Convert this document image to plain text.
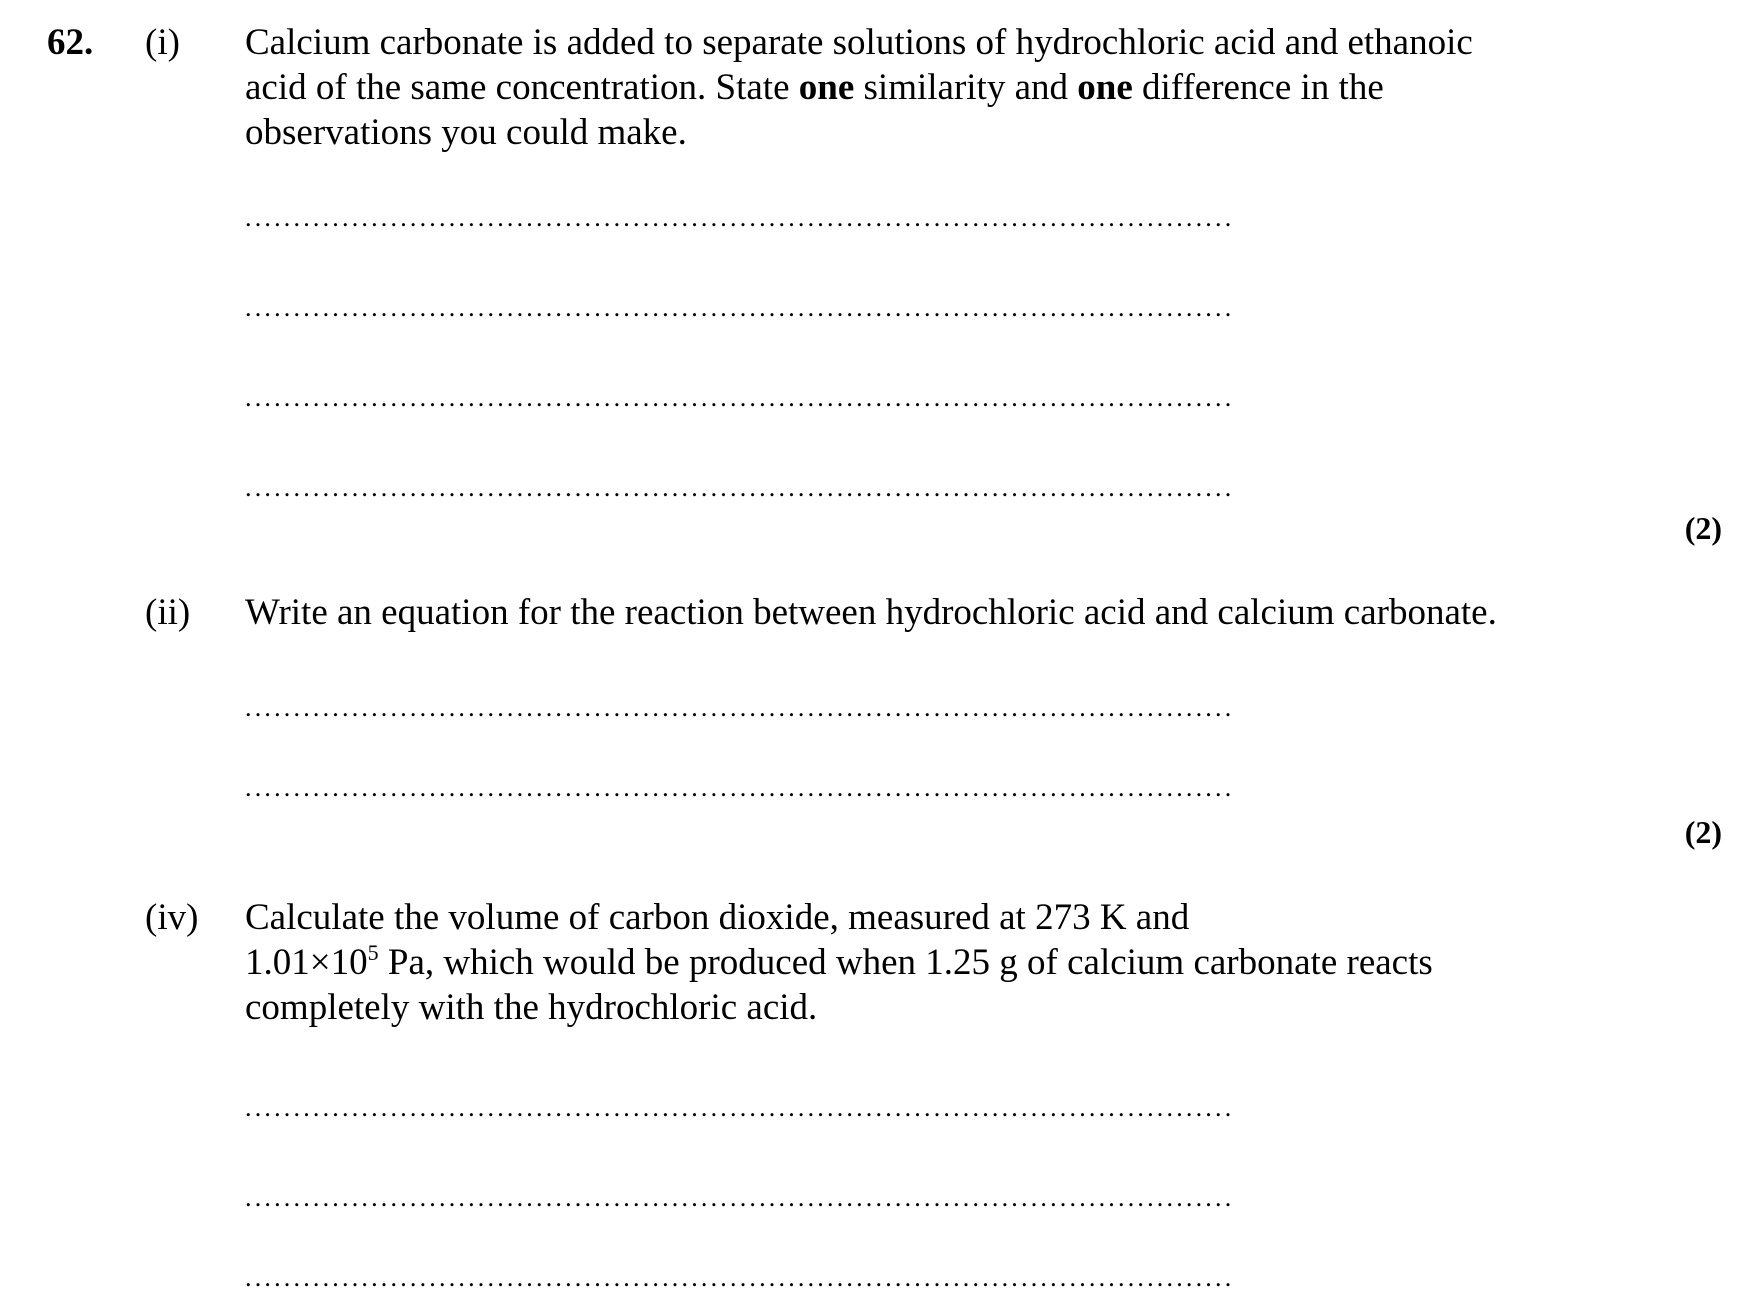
62. (i) Calcium carbonate is added to separate solutions of hydrochloric acid and ethanoic acid of the same concentration. State one similarity and one difference in the observations you could make.
......................................................................................................
......................................................................................................
......................................................................................................
......................................................................................................
(2)
(ii) Write an equation for the reaction between hydrochloric acid and calcium carbonate.
......................................................................................................
......................................................................................................
(2)
(iv) Calculate the volume of carbon dioxide, measured at 273 K and
$1.01\times 10^5$ Pa, which would be produced when 1.25 g of calcium carbonate reacts completely with the hydrochloric acid.
......................................................................................................
......................................................................................................
......................................................................................................
